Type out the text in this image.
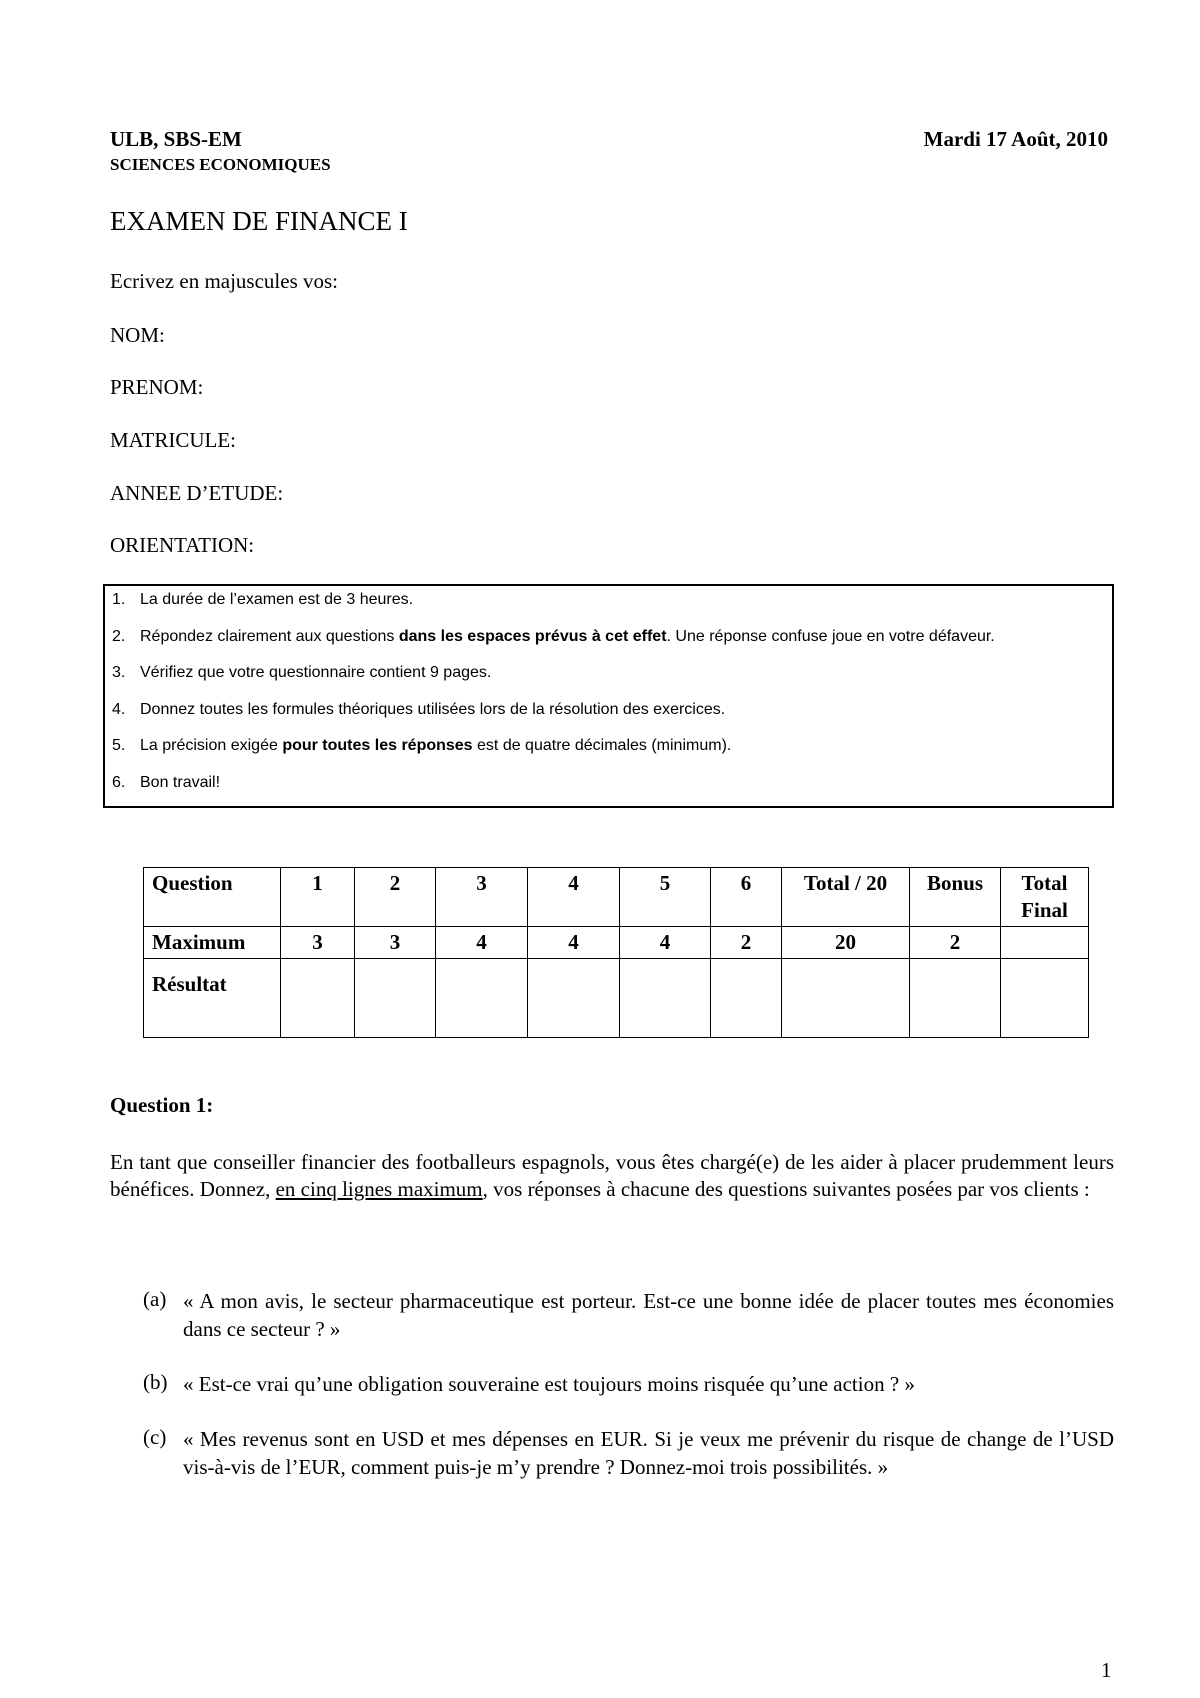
ULB, SBS-EM	Mardi 17 Août, 2010
SCIENCES ECONOMIQUES
EXAMEN DE FINANCE I
Ecrivez en majuscules vos:
NOM:
PRENOM:
MATRICULE:
ANNEE D’ETUDE:
ORIENTATION:
1. La durée de l’examen est de 3 heures.
2. Répondez clairement aux questions dans les espaces prévus à cet effet. Une réponse confuse joue en votre défaveur.
3. Vérifiez que votre questionnaire contient 9 pages.
4. Donnez toutes les formules théoriques utilisées lors de la résolution des exercices.
5. La précision exigée pour toutes les réponses est de quatre décimales (minimum).
6. Bon travail!
Question	1	2	3	4	5	6	Total / 20	Bonus	Total Final
Maximum	3	3	4	4	4	2	20	2	
Résultat									
Question 1:
En tant que conseiller financier des footballeurs espagnols, vous êtes chargé(e) de les aider à placer prudemment leurs bénéfices. Donnez, en cinq lignes maximum, vos réponses à chacune des questions suivantes posées par vos clients :
(a) « A mon avis, le secteur pharmaceutique est porteur. Est-ce une bonne idée de placer toutes mes économies dans ce secteur ? »
(b) « Est-ce vrai qu’une obligation souveraine est toujours moins risquée qu’une action ? »
(c) « Mes revenus sont en USD et mes dépenses en EUR. Si je veux me prévenir du risque de change de l’USD vis-à-vis de l’EUR, comment puis-je m’y prendre ? Donnez-moi trois possibilités. »
1
